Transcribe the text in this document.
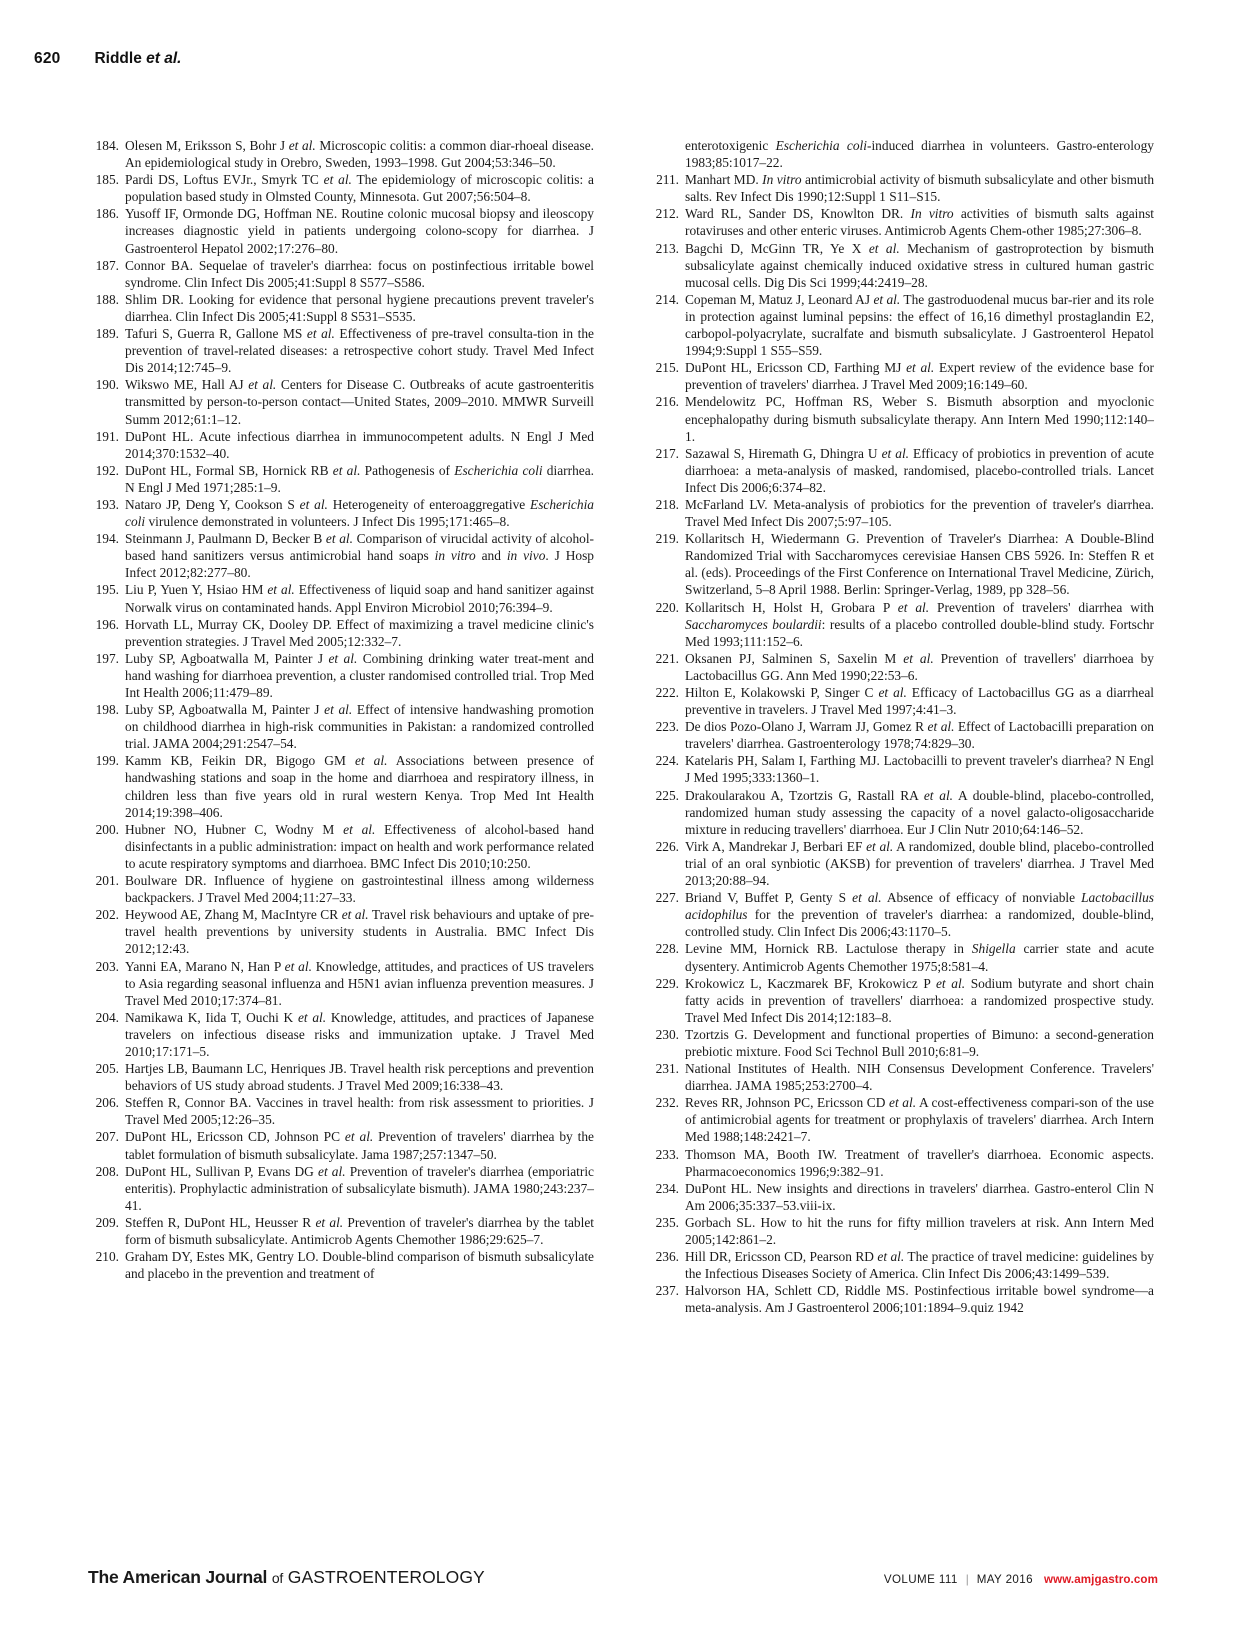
620 Riddle et al.
184. Olesen M, Eriksson S, Bohr J et al. Microscopic colitis: a common diar-rhoeal disease. An epidemiological study in Orebro, Sweden, 1993–1998. Gut 2004;53:346–50.
185. Pardi DS, Loftus EVJr., Smyrk TC et al. The epidemiology of microscopic colitis: a population based study in Olmsted County, Minnesota. Gut 2007;56:504–8.
186. Yusoff IF, Ormonde DG, Hoffman NE. Routine colonic mucosal biopsy and ileoscopy increases diagnostic yield in patients undergoing colono-scopy for diarrhea. J Gastroenterol Hepatol 2002;17:276–80.
187. Connor BA. Sequelae of traveler's diarrhea: focus on postinfectious irritable bowel syndrome. Clin Infect Dis 2005;41:Suppl 8 S577–S586.
188. Shlim DR. Looking for evidence that personal hygiene precautions prevent traveler's diarrhea. Clin Infect Dis 2005;41:Suppl 8 S531–S535.
189. Tafuri S, Guerra R, Gallone MS et al. Effectiveness of pre-travel consulta-tion in the prevention of travel-related diseases: a retrospective cohort study. Travel Med Infect Dis 2014;12:745–9.
190. Wikswo ME, Hall AJ et al. Centers for Disease C. Outbreaks of acute gastroenteritis transmitted by person-to-person contact—United States, 2009–2010. MMWR Surveill Summ 2012;61:1–12.
191. DuPont HL. Acute infectious diarrhea in immunocompetent adults. N Engl J Med 2014;370:1532–40.
192. DuPont HL, Formal SB, Hornick RB et al. Pathogenesis of Escherichia coli diarrhea. N Engl J Med 1971;285:1–9.
193. Nataro JP, Deng Y, Cookson S et al. Heterogeneity of enteroaggregative Escherichia coli virulence demonstrated in volunteers. J Infect Dis 1995;171:465–8.
194. Steinmann J, Paulmann D, Becker B et al. Comparison of virucidal activity of alcohol-based hand sanitizers versus antimicrobial hand soaps in vitro and in vivo. J Hosp Infect 2012;82:277–80.
195. Liu P, Yuen Y, Hsiao HM et al. Effectiveness of liquid soap and hand sanitizer against Norwalk virus on contaminated hands. Appl Environ Microbiol 2010;76:394–9.
196. Horvath LL, Murray CK, Dooley DP. Effect of maximizing a travel medicine clinic's prevention strategies. J Travel Med 2005;12:332–7.
197. Luby SP, Agboatwalla M, Painter J et al. Combining drinking water treat-ment and hand washing for diarrhoea prevention, a cluster randomised controlled trial. Trop Med Int Health 2006;11:479–89.
198. Luby SP, Agboatwalla M, Painter J et al. Effect of intensive handwashing promotion on childhood diarrhea in high-risk communities in Pakistan: a randomized controlled trial. JAMA 2004;291:2547–54.
199. Kamm KB, Feikin DR, Bigogo GM et al. Associations between presence of handwashing stations and soap in the home and diarrhoea and respiratory illness, in children less than five years old in rural western Kenya. Trop Med Int Health 2014;19:398–406.
200. Hubner NO, Hubner C, Wodny M et al. Effectiveness of alcohol-based hand disinfectants in a public administration: impact on health and work performance related to acute respiratory symptoms and diarrhoea. BMC Infect Dis 2010;10:250.
201. Boulware DR. Influence of hygiene on gastrointestinal illness among wilderness backpackers. J Travel Med 2004;11:27–33.
202. Heywood AE, Zhang M, MacIntyre CR et al. Travel risk behaviours and uptake of pre-travel health preventions by university students in Australia. BMC Infect Dis 2012;12:43.
203. Yanni EA, Marano N, Han P et al. Knowledge, attitudes, and practices of US travelers to Asia regarding seasonal influenza and H5N1 avian influenza prevention measures. J Travel Med 2010;17:374–81.
204. Namikawa K, Iida T, Ouchi K et al. Knowledge, attitudes, and practices of Japanese travelers on infectious disease risks and immunization uptake. J Travel Med 2010;17:171–5.
205. Hartjes LB, Baumann LC, Henriques JB. Travel health risk perceptions and prevention behaviors of US study abroad students. J Travel Med 2009;16:338–43.
206. Steffen R, Connor BA. Vaccines in travel health: from risk assessment to priorities. J Travel Med 2005;12:26–35.
207. DuPont HL, Ericsson CD, Johnson PC et al. Prevention of travelers' diarrhea by the tablet formulation of bismuth subsalicylate. Jama 1987;257:1347–50.
208. DuPont HL, Sullivan P, Evans DG et al. Prevention of traveler's diarrhea (emporiatric enteritis). Prophylactic administration of subsalicylate bismuth). JAMA 1980;243:237–41.
209. Steffen R, DuPont HL, Heusser R et al. Prevention of traveler's diarrhea by the tablet form of bismuth subsalicylate. Antimicrob Agents Chemother 1986;29:625–7.
210. Graham DY, Estes MK, Gentry LO. Double-blind comparison of bismuth subsalicylate and placebo in the prevention and treatment of
enterotoxigenic Escherichia coli-induced diarrhea in volunteers. Gastro-enterology 1983;85:1017–22.
211. Manhart MD. In vitro antimicrobial activity of bismuth subsalicylate and other bismuth salts. Rev Infect Dis 1990;12:Suppl 1 S11–S15.
212. Ward RL, Sander DS, Knowlton DR. In vitro activities of bismuth salts against rotaviruses and other enteric viruses. Antimicrob Agents Chem-other 1985;27:306–8.
213. Bagchi D, McGinn TR, Ye X et al. Mechanism of gastroprotection by bismuth subsalicylate against chemically induced oxidative stress in cultured human gastric mucosal cells. Dig Dis Sci 1999;44:2419–28.
214. Copeman M, Matuz J, Leonard AJ et al. The gastroduodenal mucus bar-rier and its role in protection against luminal pepsins: the effect of 16,16 dimethyl prostaglandin E2, carbopol-polyacrylate, sucralfate and bismuth subsalicylate. J Gastroenterol Hepatol 1994;9:Suppl 1 S55–S59.
215. DuPont HL, Ericsson CD, Farthing MJ et al. Expert review of the evidence base for prevention of travelers' diarrhea. J Travel Med 2009;16:149–60.
216. Mendelowitz PC, Hoffman RS, Weber S. Bismuth absorption and myoclonic encephalopathy during bismuth subsalicylate therapy. Ann Intern Med 1990;112:140–1.
217. Sazawal S, Hiremath G, Dhingra U et al. Efficacy of probiotics in prevention of acute diarrhoea: a meta-analysis of masked, randomised, placebo-controlled trials. Lancet Infect Dis 2006;6:374–82.
218. McFarland LV. Meta-analysis of probiotics for the prevention of traveler's diarrhea. Travel Med Infect Dis 2007;5:97–105.
219. Kollaritsch H, Wiedermann G. Prevention of Traveler's Diarrhea: A Double-Blind Randomized Trial with Saccharomyces cerevisiae Hansen CBS 5926. In: Steffen R et al. (eds). Proceedings of the First Conference on International Travel Medicine, Zürich, Switzerland, 5–8 April 1988. Berlin: Springer-Verlag, 1989, pp 328–56.
220. Kollaritsch H, Holst H, Grobara P et al. Prevention of travelers' diarrhea with Saccharomyces boulardii: results of a placebo controlled double-blind study. Fortschr Med 1993;111:152–6.
221. Oksanen PJ, Salminen S, Saxelin M et al. Prevention of travellers' diarrhoea by Lactobacillus GG. Ann Med 1990;22:53–6.
222. Hilton E, Kolakowski P, Singer C et al. Efficacy of Lactobacillus GG as a diarrheal preventive in travelers. J Travel Med 1997;4:41–3.
223. De dios Pozo-Olano J, Warram JJ, Gomez R et al. Effect of Lactobacilli preparation on travelers' diarrhea. Gastroenterology 1978;74:829–30.
224. Katelaris PH, Salam I, Farthing MJ. Lactobacilli to prevent traveler's diarrhea? N Engl J Med 1995;333:1360–1.
225. Drakoularakou A, Tzortzis G, Rastall RA et al. A double-blind, placebo-controlled, randomized human study assessing the capacity of a novel galacto-oligosaccharide mixture in reducing travellers' diarrhoea. Eur J Clin Nutr 2010;64:146–52.
226. Virk A, Mandrekar J, Berbari EF et al. A randomized, double blind, placebo-controlled trial of an oral synbiotic (AKSB) for prevention of travelers' diarrhea. J Travel Med 2013;20:88–94.
227. Briand V, Buffet P, Genty S et al. Absence of efficacy of nonviable Lactobacillus acidophilus for the prevention of traveler's diarrhea: a randomized, double-blind, controlled study. Clin Infect Dis 2006;43:1170–5.
228. Levine MM, Hornick RB. Lactulose therapy in Shigella carrier state and acute dysentery. Antimicrob Agents Chemother 1975;8:581–4.
229. Krokowicz L, Kaczmarek BF, Krokowicz P et al. Sodium butyrate and short chain fatty acids in prevention of travellers' diarrhoea: a randomized prospective study. Travel Med Infect Dis 2014;12:183–8.
230. Tzortzis G. Development and functional properties of Bimuno: a second-generation prebiotic mixture. Food Sci Technol Bull 2010;6:81–9.
231. National Institutes of Health. NIH Consensus Development Conference. Travelers' diarrhea. JAMA 1985;253:2700–4.
232. Reves RR, Johnson PC, Ericsson CD et al. A cost-effectiveness compari-son of the use of antimicrobial agents for treatment or prophylaxis of travelers' diarrhea. Arch Intern Med 1988;148:2421–7.
233. Thomson MA, Booth IW. Treatment of traveller's diarrhoea. Economic aspects. Pharmacoeconomics 1996;9:382–91.
234. DuPont HL. New insights and directions in travelers' diarrhea. Gastro-enterol Clin N Am 2006;35:337–53.viii-ix.
235. Gorbach SL. How to hit the runs for fifty million travelers at risk. Ann Intern Med 2005;142:861–2.
236. Hill DR, Ericsson CD, Pearson RD et al. The practice of travel medicine: guidelines by the Infectious Diseases Society of America. Clin Infect Dis 2006;43:1499–539.
237. Halvorson HA, Schlett CD, Riddle MS. Postinfectious irritable bowel syndrome—a meta-analysis. Am J Gastroenterol 2006;101:1894–9.quiz 1942
The American Journal of GASTROENTEROLOGY	VOLUME 111 | MAY 2016 www.amjgastro.com
